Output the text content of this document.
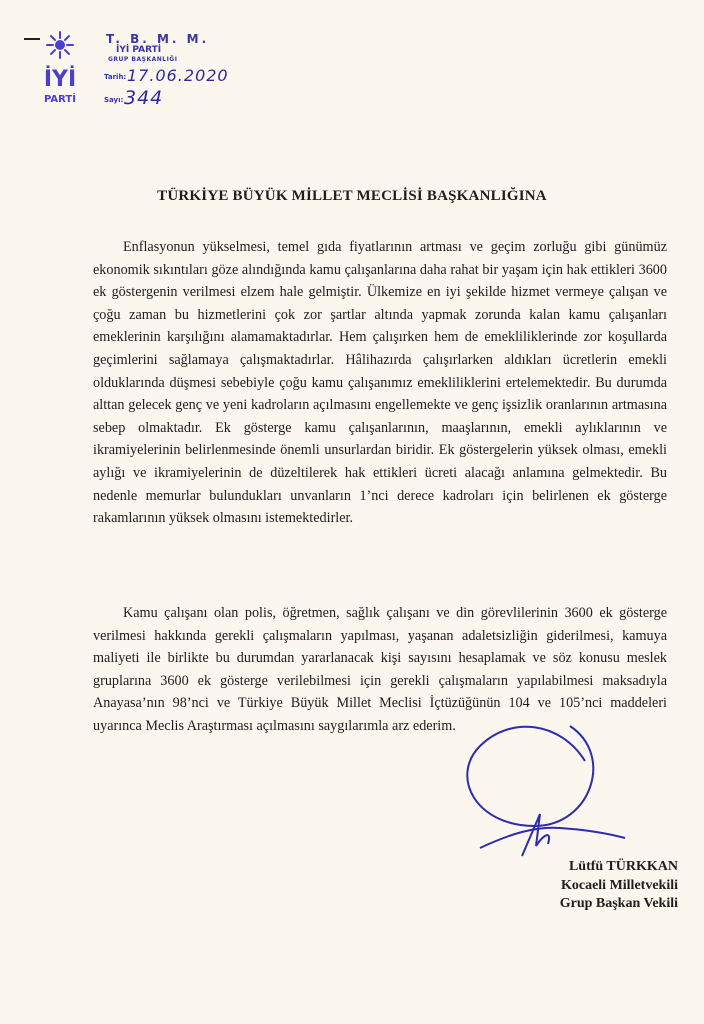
İYİ
PARTİ
T. B. M. M.
İYİ PARTİ
GRUP BAŞKANLIĞI
Tarih: 17.06.2020
Sayı: 344
TÜRKİYE BÜYÜK MİLLET MECLİSİ BAŞKANLIĞINA
Enflasyonun yükselmesi, temel gıda fiyatlarının artması ve geçim zorluğu gibi günümüz ekonomik sıkıntıları göze alındığında kamu çalışanlarına daha rahat bir yaşam için hak ettikleri 3600 ek göstergenin verilmesi elzem hale gelmiştir. Ülkemize en iyi şekilde hizmet vermeye çalışan ve çoğu zaman bu hizmetlerini çok zor şartlar altında yapmak zorunda kalan kamu çalışanları emeklerinin karşılığını alamamaktadırlar. Hem çalışırken hem de emekliliklerinde zor koşullarda geçimlerini sağlamaya çalışmaktadırlar. Hâlihazırda çalışırlarken aldıkları ücretlerin emekli olduklarında düşmesi sebebiyle çoğu kamu çalışanımız emekliliklerini ertelemektedir. Bu durumda alttan gelecek genç ve yeni kadroların açılmasını engellemekte ve genç işsizlik oranlarının artmasına sebep olmaktadır. Ek gösterge kamu çalışanlarının, maaşlarının, emekli aylıklarının ve ikramiyelerinin belirlenmesinde önemli unsurlardan biridir. Ek göstergelerin yüksek olması, emekli aylığı ve ikramiyelerinin de düzeltilerek hak ettikleri ücreti alacağı anlamına gelmektedir. Bu nedenle memurlar bulundukları unvanların 1’nci derece kadroları için belirlenen ek gösterge rakamlarının yüksek olmasını istemektedirler.
Kamu çalışanı olan polis, öğretmen, sağlık çalışanı ve din görevlilerinin 3600 ek gösterge verilmesi hakkında gerekli çalışmaların yapılması, yaşanan adaletsizliğin giderilmesi, kamuya maliyeti ile birlikte bu durumdan yararlanacak kişi sayısını hesaplamak ve söz konusu meslek gruplarına 3600 ek gösterge verilebilmesi için gerekli çalışmaların yapılabilmesi maksadıyla Anayasa’nın 98’nci ve Türkiye Büyük Millet Meclisi İçtüzüğünün 104 ve 105’nci maddeleri uyarınca Meclis Araştırması açılmasını saygılarımla arz ederim.
Lütfü TÜRKKAN
Kocaeli Milletvekili
Grup Başkan Vekili
